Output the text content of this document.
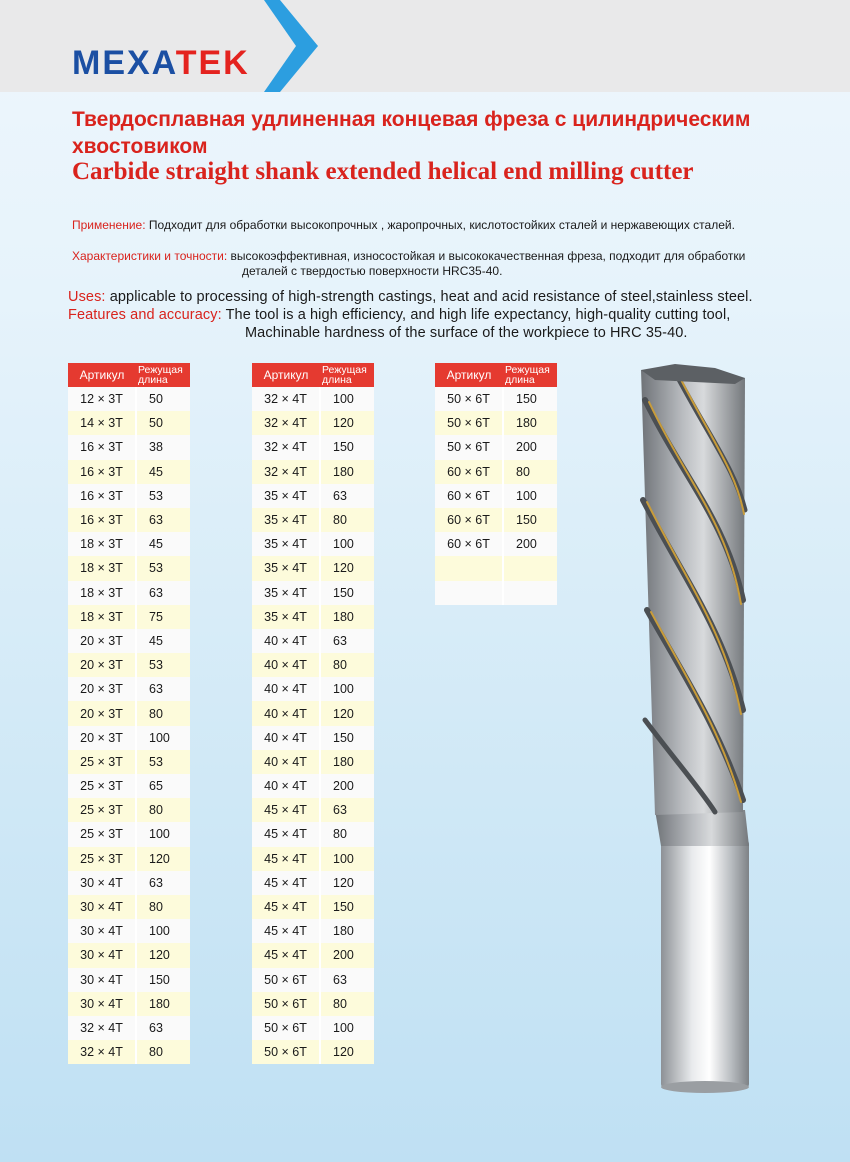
MEXATEK
Твердосплавная удлиненная концевая фреза с цилиндрическим хвостовиком
Carbide straight shank extended helical end milling cutter
Применение: Подходит для обработки высокопрочных , жаропрочных, кислотостойких сталей и нержавеющих сталей.
Характеристики и точности: высокоэффективная, износостойкая и высококачественная фреза, подходит для обработки
деталей с твердостью поверхности HRC35-40.
Uses: applicable to processing of high-strength castings, heat and acid resistance of steel,stainless steel.
Features and accuracy: The tool is a high efficiency, and high life expectancy, high-quality cutting tool,
Machinable hardness of the surface of the workpiece to HRC 35-40.
Артикул	Режущая
длина
12 × 3T	50
14 × 3T	50
16 × 3T	38
16 × 3T	45
16 × 3T	53
16 × 3T	63
18 × 3T	45
18 × 3T	53
18 × 3T	63
18 × 3T	75
20 × 3T	45
20 × 3T	53
20 × 3T	63
20 × 3T	80
20 × 3T	100
25 × 3T	53
25 × 3T	65
25 × 3T	80
25 × 3T	100
25 × 3T	120
30 × 4T	63
30 × 4T	80
30 × 4T	100
30 × 4T	120
30 × 4T	150
30 × 4T	180
32 × 4T	63
32 × 4T	80
Артикул	Режущая
длина
32 × 4T	100
32 × 4T	120
32 × 4T	150
32 × 4T	180
35 × 4T	63
35 × 4T	80
35 × 4T	100
35 × 4T	120
35 × 4T	150
35 × 4T	180
40 × 4T	63
40 × 4T	80
40 × 4T	100
40 × 4T	120
40 × 4T	150
40 × 4T	180
40 × 4T	200
45 × 4T	63
45 × 4T	80
45 × 4T	100
45 × 4T	120
45 × 4T	150
45 × 4T	180
45 × 4T	200
50 × 6T	63
50 × 6T	80
50 × 6T	100
50 × 6T	120
Артикул	Режущая
длина
50 × 6T	150
50 × 6T	180
50 × 6T	200
60 × 6T	80
60 × 6T	100
60 × 6T	150
60 × 6T	200
